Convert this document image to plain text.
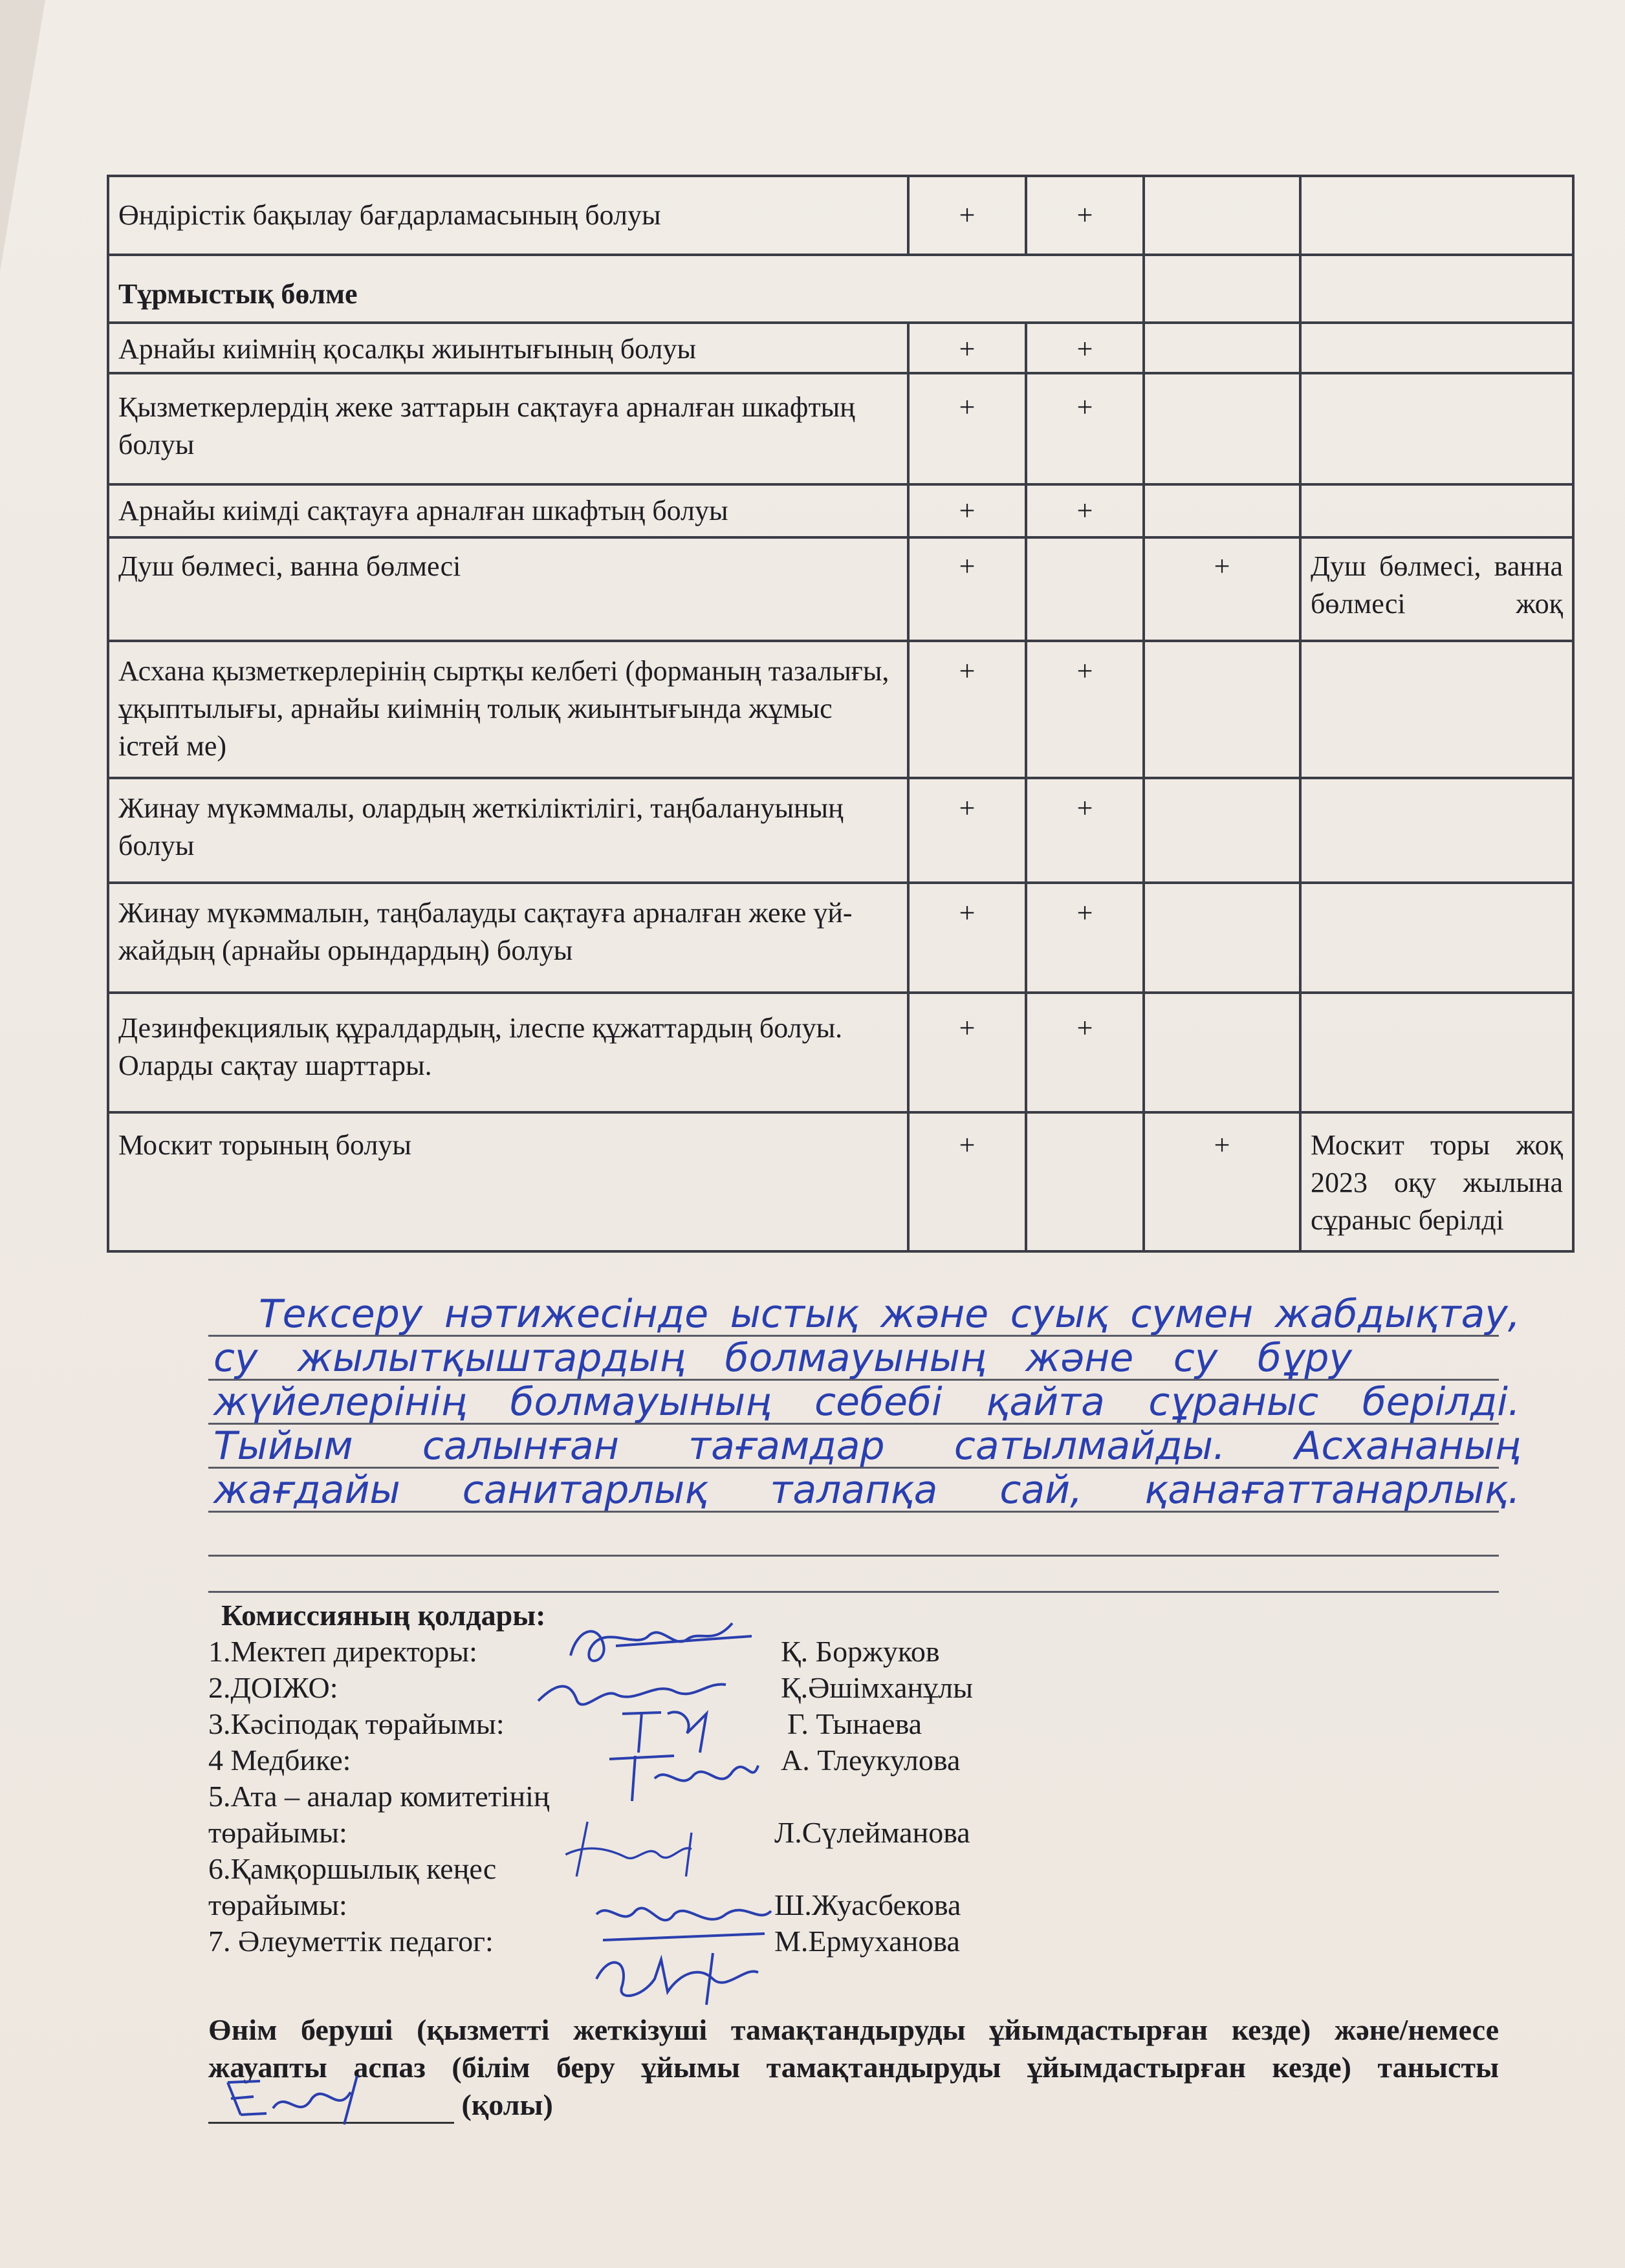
Өндірістік бақылау бағдарламасының болуы	+	+		
Тұрмыстық бөлме				
Арнайы киімнің қосалқы жиынтығының болуы	+	+		
Қызметкерлердің жеке заттарын сақтауға арналған шкафтың болуы	+	+		
Арнайы киімді сақтауға арналған шкафтың болуы	+	+		
Душ бөлмесі, ванна бөлмесі	+		+	Душ бөлмесі, ванна бөлмесі жоқ
Асхана қызметкерлерінің сыртқы келбеті (форманың тазалығы, ұқыптылығы, арнайы киімнің толық жиынтығында жұмыс істей ме)	+	+		
Жинау мүкәммалы, олардың жеткіліктілігі, таңбалануының болуы	+	+		
Жинау мүкәммалын, таңбалауды сақтауға арналған жеке үй-жайдың (арнайы орындардың) болуы	+	+		
Дезинфекциялық құралдардың, ілеспе құжаттардың болуы. Оларды сақтау шарттары.	+	+		
Москит торының болуы	+		+	Москит торы жоқ 2023 оқу жылына сұраныс берілді
Тексеру нәтижесінде ыстық және суық сумен жабдықтау,
су жылытқыштардың болмауының және су бұру
жүйелерінің болмауының себебі қайта сұраныс берілді.
Тыйым салынған тағамдар сатылмайды. Асхананың
жағдайы санитарлық талапқа сай, қанағаттанарлық.
Комиссияның қолдары:
1.Мектеп директоры:	Қ. Боржуков
2.ДОІЖО:	Қ.Әшімханұлы
3.Кәсіподақ төрайымы:	Г. Тынаева
4 Медбике:	А. Тлеукулова
5.Ата – аналар комитетінің
төрайымы:	Л.Сүлейманова
6.Қамқоршылық кеңес
төрайымы:	Ш.Жуасбекова
7. Әлеуметтік педагог:	М.Ермуханова
Өнім беруші (қызметті жеткізуші тамақтандыруды ұйымдастырған кезде) және/немесе
жауапты аспаз (білім беру ұйымы тамақтандыруды ұйымдастырған кезде) танысты
(қолы)
